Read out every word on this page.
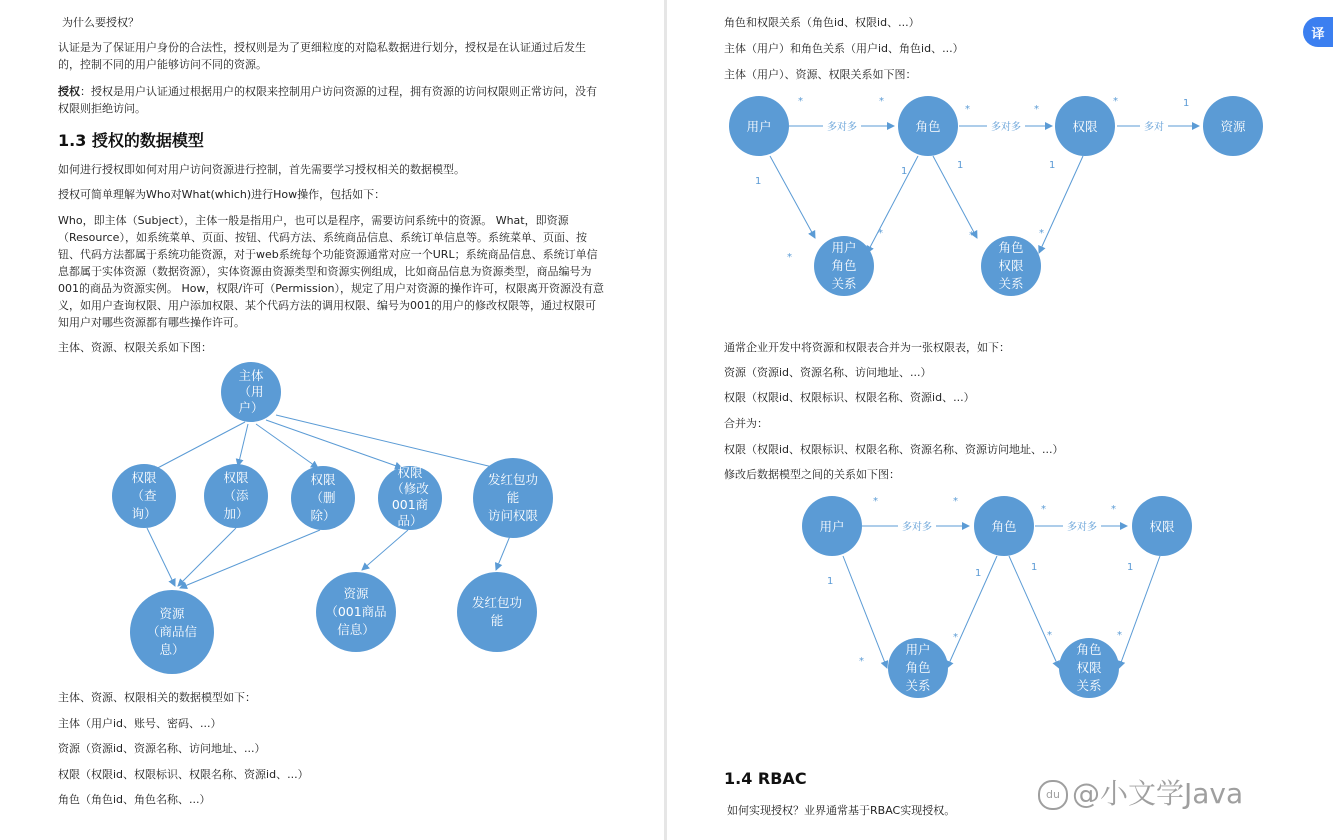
为什么要授权？
认证是为了保证用户身份的合法性，授权则是为了更细粒度的对隐私数据进行划分，授权是在认证通过后发生的，控制不同的用户能够访问不同的资源。
授权：授权是用户认证通过根据用户的权限来控制用户访问资源的过程，拥有资源的访问权限则正常访问，没有权限则拒绝访问。
1.3 授权的数据模型
如何进行授权即如何对用户访问资源进行控制，首先需要学习授权相关的数据模型。
授权可简单理解为Who对What(which)进行How操作，包括如下：
Who，即主体（Subject），主体一般是指用户，也可以是程序，需要访问系统中的资源。 What，即资源（Resource），如系统菜单、页面、按钮、代码方法、系统商品信息、系统订单信息等。系统菜单、页面、按钮、代码方法都属于系统功能资源，对于web系统每个功能资源通常对应一个URL；系统商品信息、系统订单信息都属于实体资源（数据资源），实体资源由资源类型和资源实例组成，比如商品信息为资源类型，商品编号为001的商品为资源实例。 How，权限/许可（Permission），规定了用户对资源的操作许可，权限离开资源没有意义，如用户查询权限、用户添加权限、某个代码方法的调用权限、编号为001的用户的修改权限等，通过权限可知用户对哪些资源都有哪些操作许可。
主体、资源、权限关系如下图：
主体
（用
户）
权限
（查
询）
权限
（添
加）
权限
（删
除）
权限
（修改
001商
品）
发红包功
能
访问权限
资源
（商品信
息）
资源
（001商品
信息）
发红包功
能
主体、资源、权限相关的数据模型如下：
主体（用户id、账号、密码、...）
资源（资源id、资源名称、访问地址、...）
权限（权限id、权限标识、权限名称、资源id、...）
角色（角色id、角色名称、...）
角色和权限关系（角色id、权限id、...）
主体（用户）和角色关系（用户id、角色id、...）
主体（用户）、资源、权限关系如下图：
多对多	多对多	多对
*	*
*	*
*	1
1
*
1
*
1
*
1
*
用户	角色	权限	资源
用户
角色
关系
角色
权限
关系
通常企业开发中将资源和权限表合并为一张权限表，如下：
资源（资源id、资源名称、访问地址、...）
权限（权限id、权限标识、权限名称、资源id、...）
合并为：
权限（权限id、权限标识、权限名称、资源名称、资源访问地址、...）
修改后数据模型之间的关系如下图：
多对多	多对多
*	*
*	*
1
*
1
*
1
*
1
*
用户	角色	权限
用户
角色
关系
角色
权限
关系
1.4 RBAC
如何实现授权？业界通常基于RBAC实现授权。
译
du @小文学Java
